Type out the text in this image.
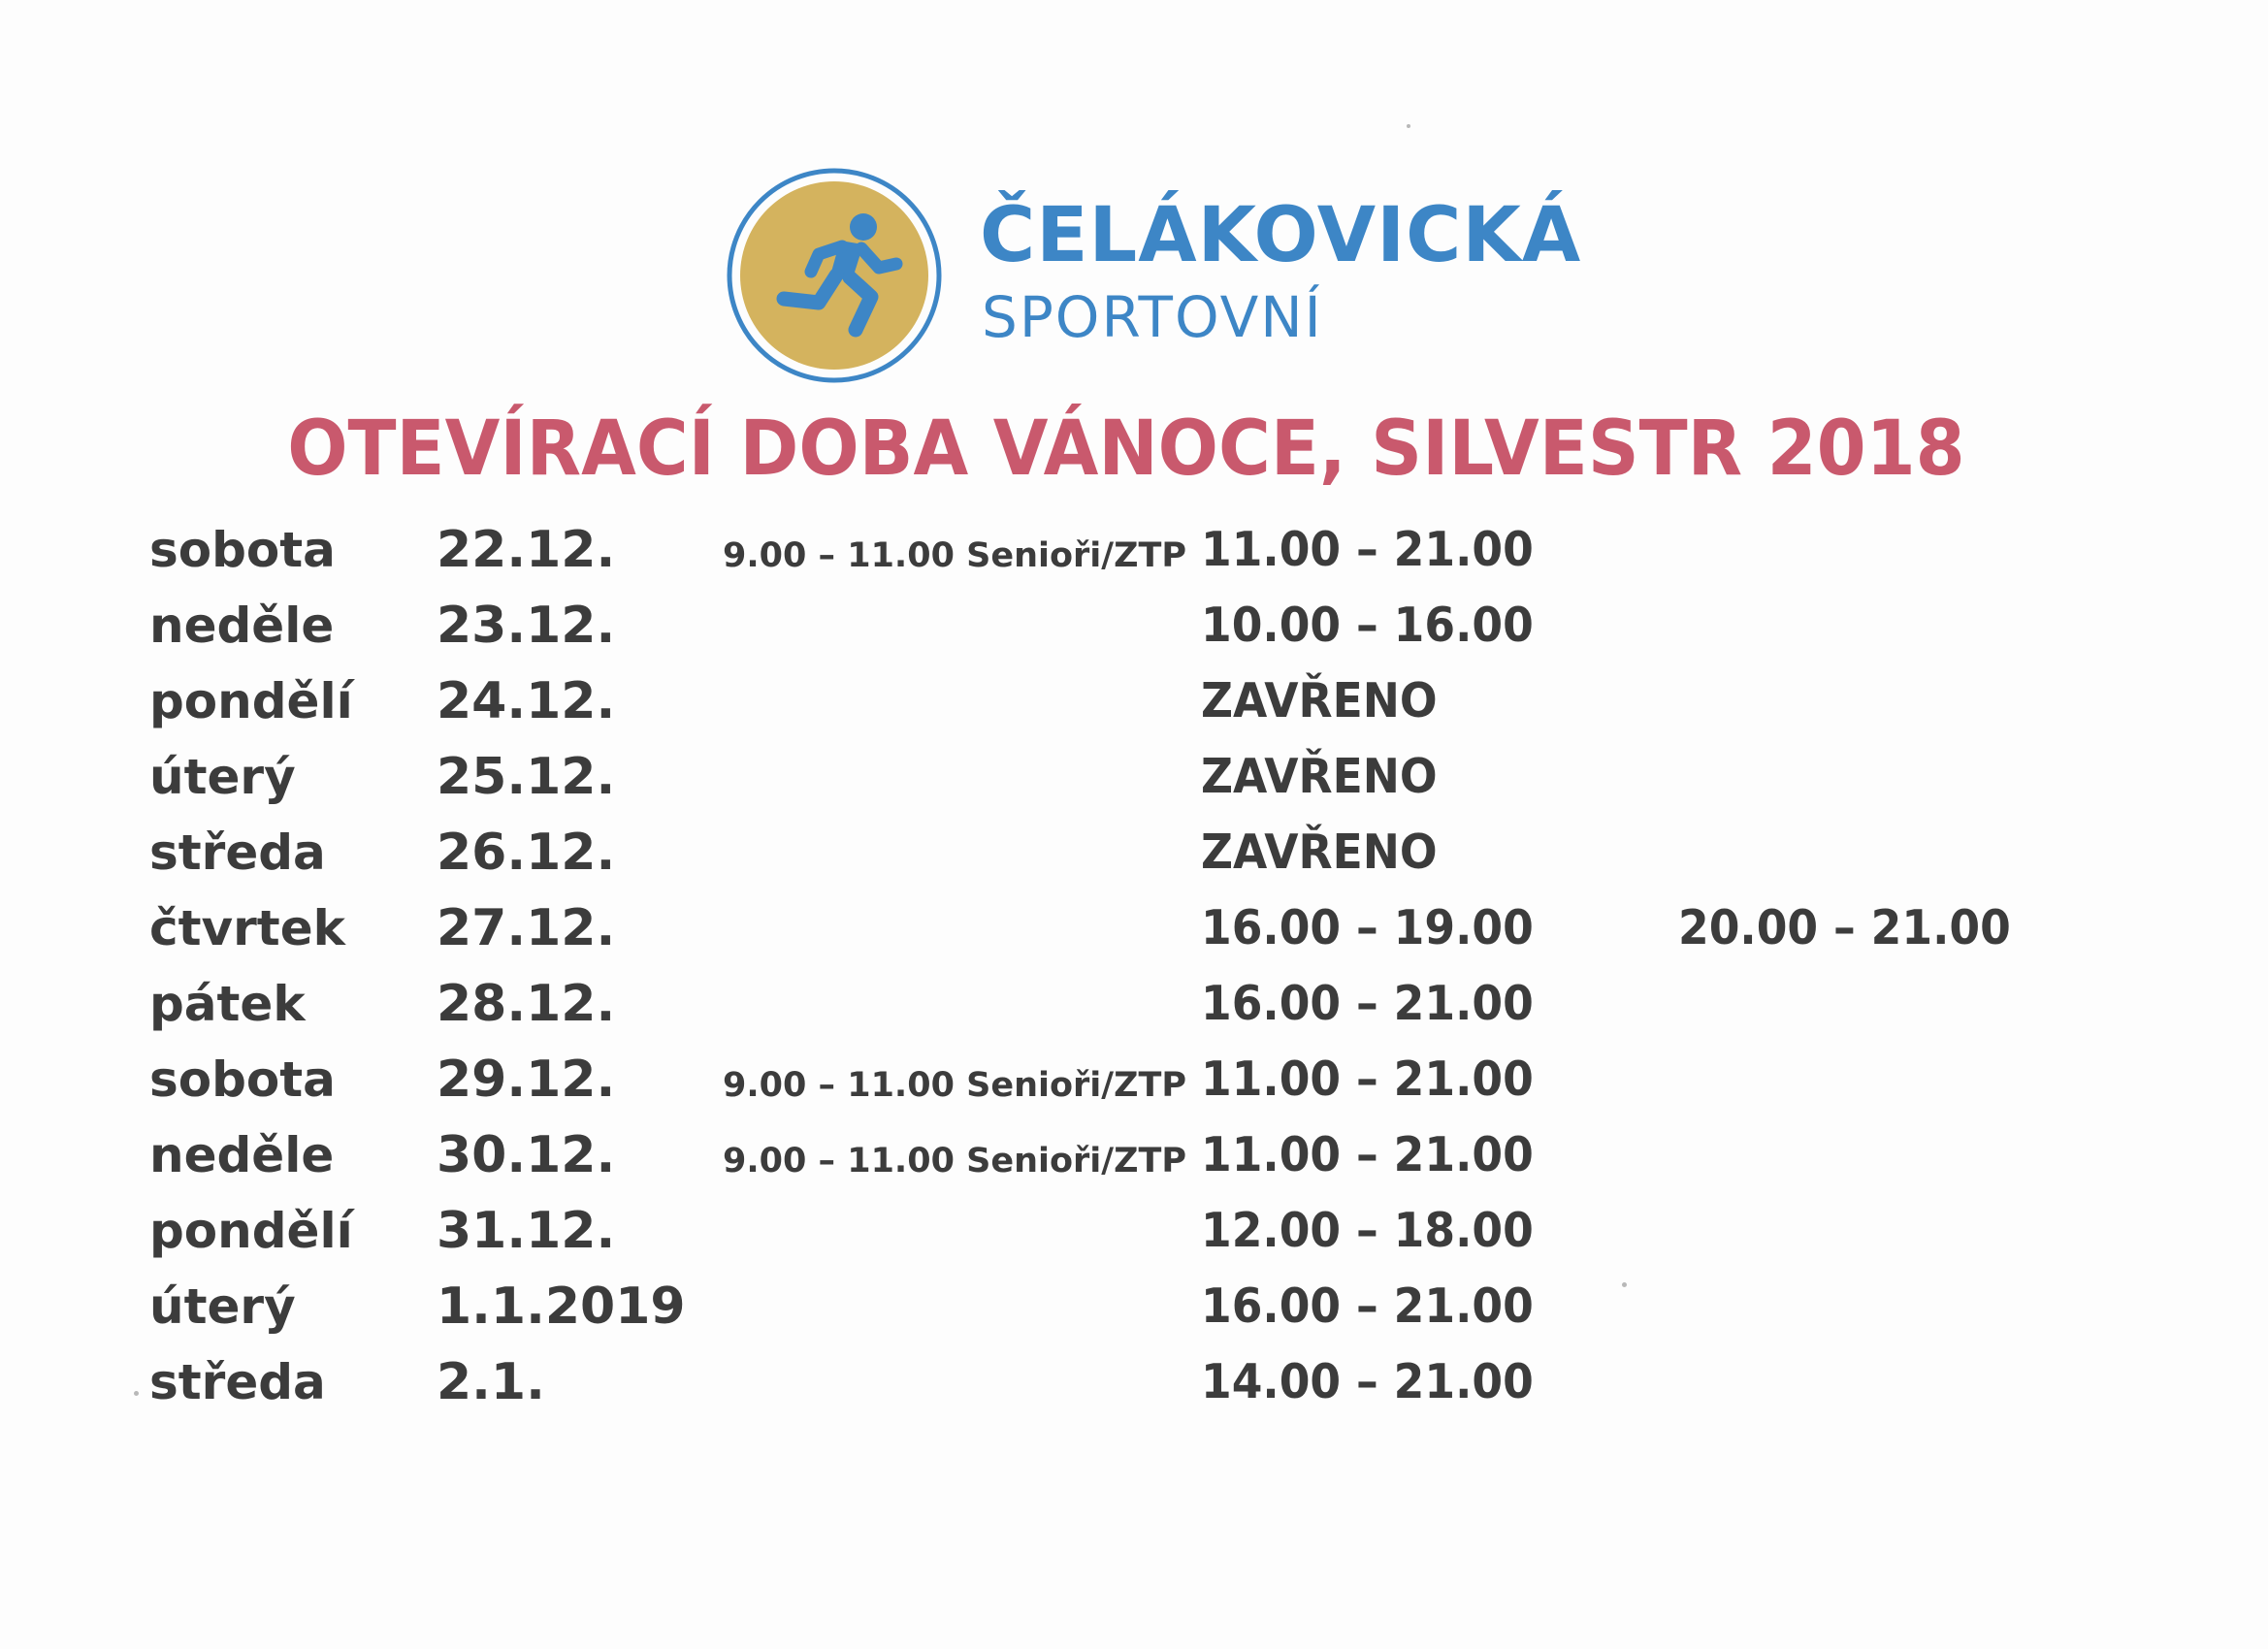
ČELÁKOVICKÁ
SPORTOVNÍ
OTEVÍRACÍ DOBA VÁNOCE, SILVESTR 2018
sobota 22.12.	9.00 – 11.00 Senioři/ZTP 11.00 – 21.00
neděle 23.12.	10.00 – 16.00
pondělí 24.12.	ZAVŘENO
úterý	25.12.	ZAVŘENO
středa 26.12.	ZAVŘENO
čtvrtek 27.12.	16.00 – 19.00	20.00 – 21.00
pátek	28.12.	16.00 – 21.00
sobota 29.12.	9.00 – 11.00 Senioři/ZTP 11.00 – 21.00
neděle 30.12.	9.00 – 11.00 Senioři/ZTP 11.00 – 21.00
pondělí 31.12.	12.00 – 18.00
úterý	1.1.2019	16.00 – 21.00
středa 2.1.	14.00 – 21.00
